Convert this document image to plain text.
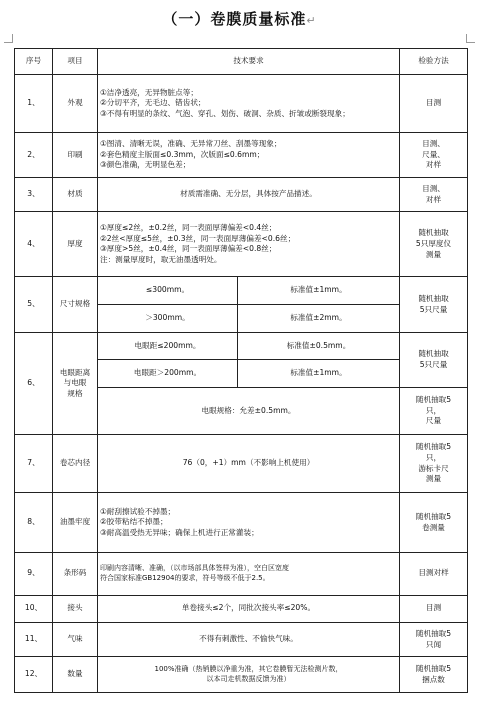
（一）卷膜质量标准↵
序号	项目	技术要求		检验方法
1、	外观	①洁净透亮，无异物脏点等；
②分切平齐，无毛边、错齿状；
③不得有明显的条纹、气泡、穿孔、划伤、破洞、杂质、折皱或断裂现象；		目测
2、	印刷	①图清、清晰无误，准确、无异常刀丝、刮墨等现象；
②套色精度主版面≤0.3mm，次版面≤0.6mm；
③颜色准确，无明显色差；		目测、
尺量、
对样

3、	材质	材质需准确、无分层，具体按产品描述。		目测、
对样

4、	厚度	①厚度≤2丝，±0.2丝，同一表面厚薄偏差<0.4丝；
②2丝<厚度≤5丝，±0.3丝，同一表面厚薄偏差<0.6丝；
③厚度>5丝，±0.4丝，同一表面厚薄偏差<0.8丝；
注：测量厚度时，取无油墨透明处。		随机抽取
5只厚度仪
测量

5、	尺寸规格	≤300mm。	标准值±1mm。	随机抽取
5只尺量

		＞300mm。	标准值±2mm。	
6、	电眼距离
与电眼
规格	电眼距≤200mm。	标准值±0.5mm。	随机抽取
5只尺量

		电眼距＞200mm。	标准值±1mm。	
		电眼规格：允差±0.5mm。		随机抽取5
只，
尺量

7、	卷芯内径	76（0，+1）mm（不影响上机使用）		随机抽取5
只，
游标卡尺
测量

8、	油墨牢度	①耐刮擦试验不掉墨；
②胶带粘结不掉墨；
③耐高温受热无异味；确保上机进行正常灌装；		随机抽取5
卷测量

9、	条形码	印刷内容清晰、准确，（以市场部具体签样为准），空白区宽度
符合国家标准GB12904的要求，符号等级不低于2.5。		目测对样
10、	接头	单卷接头≤2个，同批次接头率≤20%。		目测
11、	气味	不得有刺激性、不愉快气味。		随机抽取5
只闻

12、	数量	100%准确（热销膜以净重为准，其它卷膜暂无法检测片数，
以本司走机数据反馈为准）		随机抽取5
捆点数
